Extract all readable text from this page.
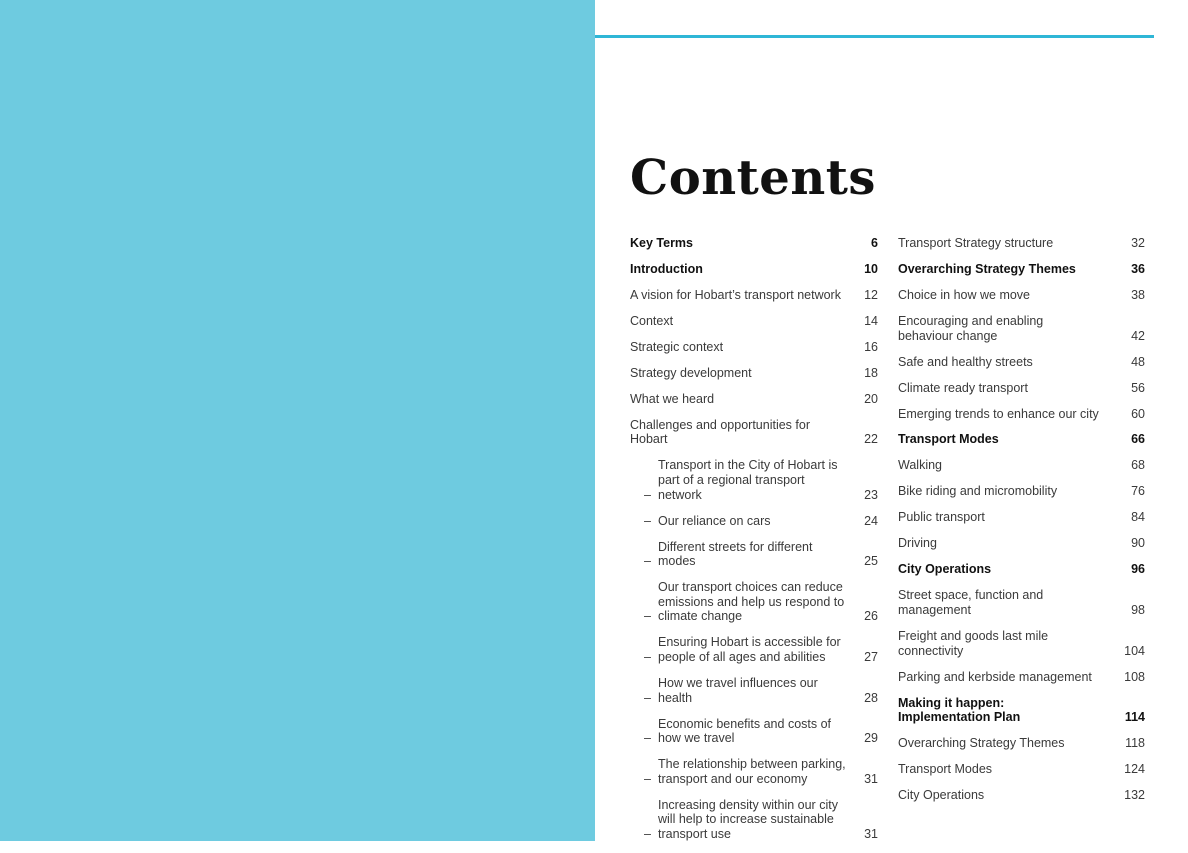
Contents
Key Terms	6
Introduction	10
A vision for Hobart’s transport network	12
Context	14
Strategic context	16
Strategy development	18
What we heard	20
Challenges and opportunities for Hobart	22
–
Transport in the City of Hobart is part of a regional transport network	23
– Our reliance on cars	24
–
Different streets for different modes	25
–
Our transport choices can reduce emissions and help us respond to climate change	26
–
Ensuring Hobart is accessible for people of all ages and abilities	27
–
How we travel influences our health	28
–
Economic benefits and costs of how we travel	29
–
The relationship between parking, transport and our economy	31
–
Increasing density within our city will help to increase sustainable transport use	31
Transport Strategy structure	32
Overarching Strategy Themes	36
Choice in how we move	38
Encouraging and enabling behaviour change	42
Safe and healthy streets	48
Climate ready transport	56
Emerging trends to enhance our city	60
Transport Modes	66
Walking	68
Bike riding and micromobility	76
Public transport	84
Driving	90
City Operations	96
Street space, function and management	98
Freight and goods last mile connectivity	104
Parking and kerbside management	108
Making it happen: Implementation Plan	114
Overarching Strategy Themes	118
Transport Modes	124
City Operations	132
